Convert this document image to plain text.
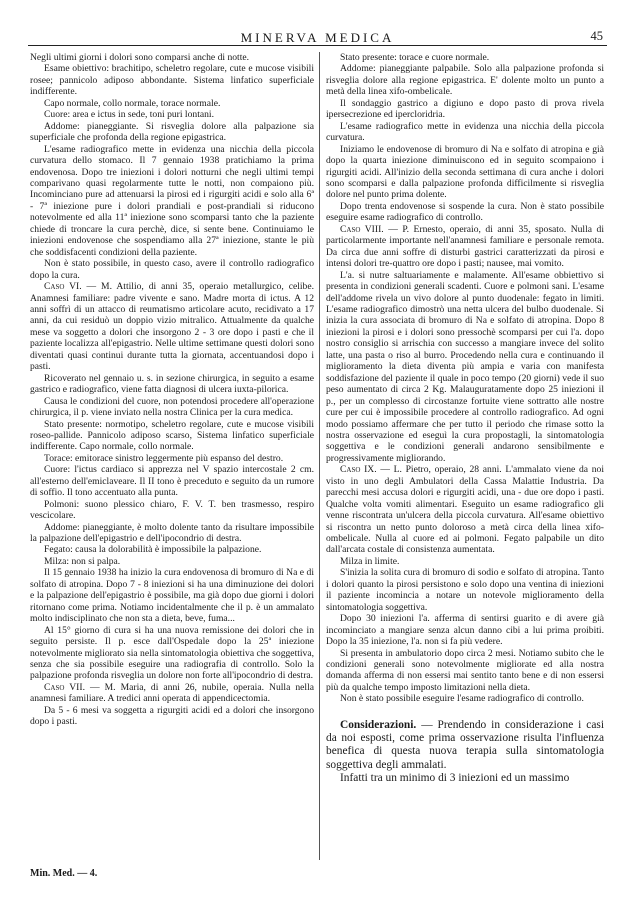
MINERVA MEDICA	45

Negli ultimi giorni i dolori sono comparsi anche di notte.

Esame obiettivo: brachitipo, scheletro regolare, cute e mucose visibili rosee; pannicolo adiposo abbondante. Sistema linfatico superficiale indifferente.

Capo normale, collo normale, torace normale.

Cuore: area e ictus in sede, toni puri lontani.

Addome: pianeggiante. Si risveglia dolore alla palpazione sia superficiale che profonda della regione epigastrica.

L'esame radiografico mette in evidenza una nicchia della piccola curvatura dello stomaco. Il 7 gennaio 1938 pratichiamo la prima endovenosa. Dopo tre iniezioni i dolori notturni che negli ultimi tempi comparivano quasi regolarmente tutte le notti, non compaiono più. Incominciano pure ad attenuarsi la pirosi ed i rigurgiti acidi e solo alla 6ª - 7ª iniezione pure i dolori prandiali e post-prandiali si riducono notevolmente ed alla 11ª iniezione sono scomparsi tanto che la paziente chiede di troncare la cura perchè, dice, si sente bene. Continuiamo le iniezioni endovenose che sospendiamo alla 27ª iniezione, stante le più che soddisfacenti condizioni della paziente.

Non è stato possibile, in questo caso, avere il controllo radiografico dopo la cura.

Caso VI. — M. Attilio, di anni 35, operaio metallurgico, celibe. Anamnesi familiare: padre vivente e sano. Madre morta di ictus. A 12 anni soffrì di un attacco di reumatismo articolare acuto, recidivato a 17 anni, da cui residuò un doppio vizio mitralico. Attualmente da qualche mese va soggetto a dolori che insorgono 2 - 3 ore dopo i pasti e che il paziente localizza all'epigastrio. Nelle ultime settimane questi dolori sono diventati quasi continui durante tutta la giornata, accentuandosi dopo i pasti.

Ricoverato nel gennaio u. s. in sezione chirurgica, in seguito a esame gastrico e radiografico, viene fatta diagnosi di ulcera iuxta-pilorica.

Causa le condizioni del cuore, non potendosi procedere all'operazione chirurgica, il p. viene inviato nella nostra Clinica per la cura medica.

Stato presente: normotipo, scheletro regolare, cute e mucose visibili roseo-pallide. Pannicolo adiposo scarso, Sistema linfatico superficiale indifferente. Capo normale, collo normale.

Torace: emitorace sinistro leggermente più espanso del destro.

Cuore: l'ictus cardiaco si apprezza nel V spazio intercostale 2 cm. all'esterno dell'emiclaveare. Il II tono è preceduto e seguito da un rumore di soffio. Il tono accentuato alla punta.

Polmoni: suono plessico chiaro, F. V. T. ben trasmesso, respiro vescicolare.

Addome: pianeggiante, è molto dolente tanto da risultare impossibile la palpazione dell'epigastrio e dell'ipocondrio di destra.

Fegato: causa la dolorabilità è impossibile la palpazione.

Milza: non si palpa.

Il 15 gennaio 1938 ha inizio la cura endovenosa di bromuro di Na e di solfato di atropina. Dopo 7 - 8 iniezioni si ha una diminuzione dei dolori e la palpazione dell'epigastrio è possibile, ma già dopo due giorni i dolori ritornano come prima. Notiamo incidentalmente che il p. è un ammalato molto indisciplinato che non sta a dieta, beve, fuma...

Al 15° giorno di cura si ha una nuova remissione dei dolori che in seguito persiste. Il p. esce dall'Ospedale dopo la 25ª iniezione notevolmente migliorato sia nella sintomatologia obiettiva che soggettiva, senza che sia possibile eseguire una radiografia di controllo. Solo la palpazione profonda risveglia un dolore non forte all'ipocondrio di destra.

Caso VII. — M. Maria, di anni 26, nubile, operaia. Nulla nella anamnesi familiare. A tredici anni operata di appendicectomia.

Da 5 - 6 mesi va soggetta a rigurgiti acidi ed a dolori che insorgono dopo i pasti.

Stato presente: torace e cuore normale.

Addome: pianeggiante palpabile. Solo alla palpazione profonda si risveglia dolore alla regione epigastrica. E' dolente molto un punto a metà della linea xifo-ombelicale.

Il sondaggio gastrico a digiuno e dopo pasto di prova rivela ipersecrezione ed ipercloridria.

L'esame radiografico mette in evidenza una nicchia della piccola curvatura.

Iniziamo le endovenose di bromuro di Na e solfato di atropina e già dopo la quarta iniezione diminuiscono ed in seguito scompaiono i rigurgiti acidi. All'inizio della seconda settimana di cura anche i dolori sono scomparsi e dalla palpazione profonda difficilmente si risveglia dolore nel punto prima dolente.

Dopo trenta endovenose si sospende la cura. Non è stato possibile eseguire esame radiografico di controllo.

Caso VIII. — P. Ernesto, operaio, di anni 35, sposato. Nulla di particolarmente importante nell'anamnesi familiare e personale remota. Da circa due anni soffre di disturbi gastrici caratterizzati da pirosi e intensi dolori tre-quattro ore dopo i pasti; nausee, mai vomito.

L'a. si nutre saltuariamente e malamente. All'esame obbiettivo si presenta in condizioni generali scadenti. Cuore e polmoni sani. L'esame dell'addome rivela un vivo dolore al punto duodenale: fegato in limiti. L'esame radiografico dimostrò una netta ulcera del bulbo duodenale. Si inizia la cura associata di bromuro di Na e solfato di atropina. Dopo 8 iniezioni la pirosi e i dolori sono pressochè scomparsi per cui l'a. dopo nostro consiglio si arrischia con successo a mangiare invece del solito latte, una pasta o riso al burro. Procedendo nella cura e continuando il miglioramento la dieta diventa più ampia e varia con manifesta soddisfazione del paziente il quale in poco tempo (20 giorni) vede il suo peso aumentato di circa 2 Kg. Malauguratamente dopo 25 iniezioni il p., per un complesso di circostanze fortuite viene sottratto alle nostre cure per cui è impossibile procedere al controllo radiografico. Ad ogni modo possiamo affermare che per tutto il periodo che rimase sotto la nostra osservazione ed eseguì la cura propostagli, la sintomatologia soggettiva e le condizioni generali andarono sensibilmente e progressivamente migliorando.

Caso IX. — L. Pietro, operaio, 28 anni. L'ammalato viene da noi visto in uno degli Ambulatori della Cassa Malattie Industria. Da parecchi mesi accusa dolori e rigurgiti acidi, una - due ore dopo i pasti. Qualche volta vomiti alimentari. Eseguito un esame radiografico gli venne riscontrata un'ulcera della piccola curvatura. All'esame obiettivo si riscontra un netto punto doloroso a metà circa della linea xifo-ombelicale. Nulla al cuore ed ai polmoni. Fegato palpabile un dito dall'arcata costale di consistenza aumentata.

Milza in limite.

S'inizia la solita cura di bromuro di sodio e solfato di atropina. Tanto i dolori quanto la pirosi persistono e solo dopo una ventina di iniezioni il paziente incomincia a notare un notevole miglioramento della sintomatologia soggettiva.

Dopo 30 iniezioni l'a. afferma di sentirsi guarito e di avere già incominciato a mangiare senza alcun danno cibi a lui prima proibiti. Dopo la 35 iniezione, l'a. non si fa più vedere.

Si presenta in ambulatorio dopo circa 2 mesi. Notiamo subito che le condizioni generali sono notevolmente migliorate ed alla nostra domanda afferma di non essersi mai sentito tanto bene e di non essersi più da qualche tempo imposto limitazioni nella dieta.

Non è stato possibile eseguire l'esame radiografico di controllo.

Considerazioni. — Prendendo in considerazione i casi da noi esposti, come prima osservazione risulta l'influenza benefica di questa nuova terapia sulla sintomatologia soggettiva degli ammalati.

Infatti tra un minimo di 3 iniezioni ed un massimo

Min. Med. — 4.
